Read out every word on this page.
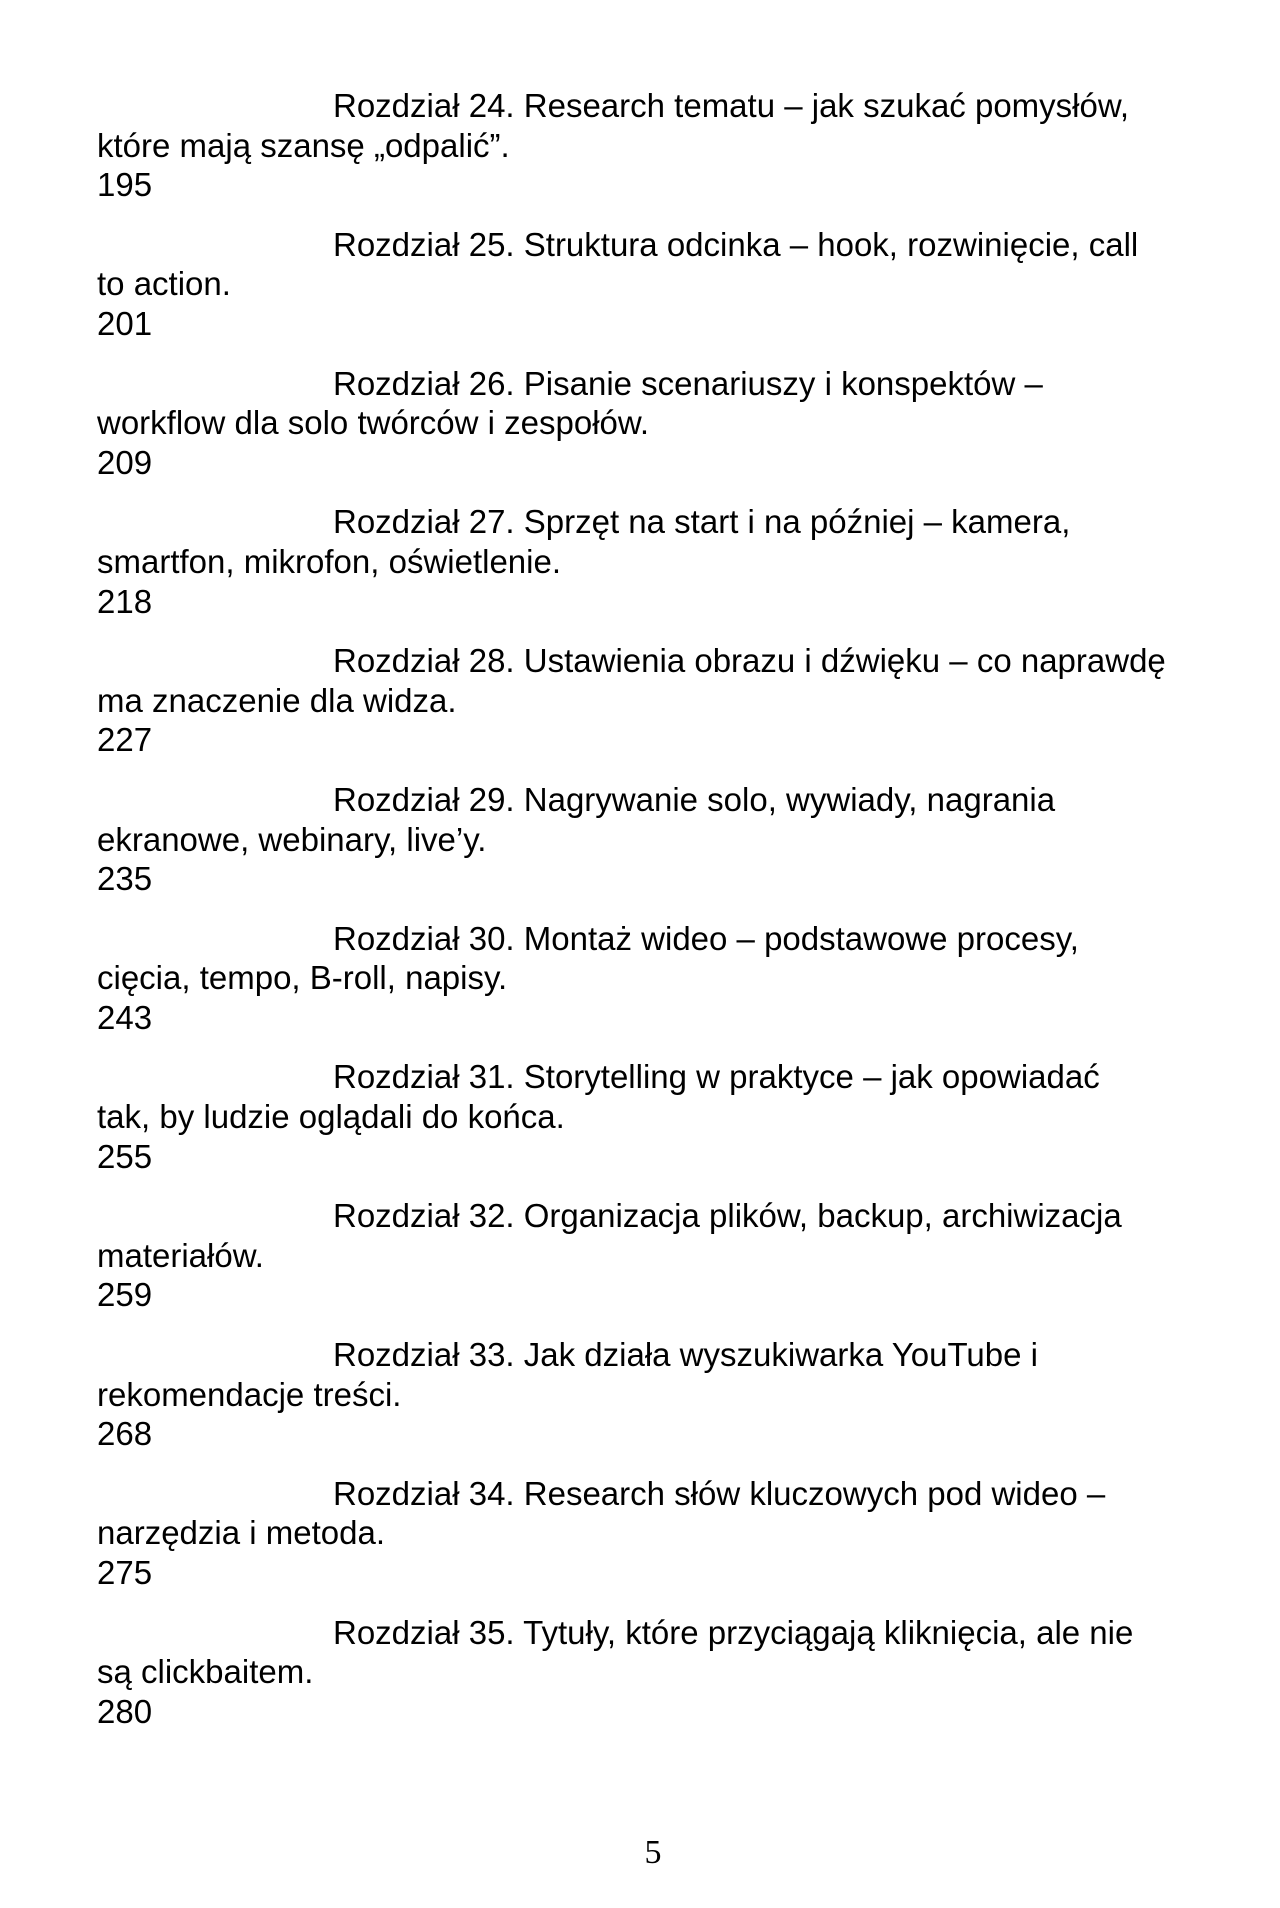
Rozdział 24. Research tematu – jak szukać pomysłów,
które mają szansę „odpalić”.
195
Rozdział 25. Struktura odcinka – hook, rozwinięcie, call
to action.
201
Rozdział 26. Pisanie scenariuszy i konspektów –
workflow dla solo twórców i zespołów.
209
Rozdział 27. Sprzęt na start i na później – kamera,
smartfon, mikrofon, oświetlenie.
218
Rozdział 28. Ustawienia obrazu i dźwięku – co naprawdę
ma znaczenie dla widza.
227
Rozdział 29. Nagrywanie solo, wywiady, nagrania
ekranowe, webinary, live’y.
235
Rozdział 30. Montaż wideo – podstawowe procesy,
cięcia, tempo, B-roll, napisy.
243
Rozdział 31. Storytelling w praktyce – jak opowiadać
tak, by ludzie oglądali do końca.
255
Rozdział 32. Organizacja plików, backup, archiwizacja
materiałów.
259
Rozdział 33. Jak działa wyszukiwarka YouTube i
rekomendacje treści.
268
Rozdział 34. Research słów kluczowych pod wideo –
narzędzia i metoda.
275
Rozdział 35. Tytuły, które przyciągają kliknięcia, ale nie
są clickbaitem.
280
5
